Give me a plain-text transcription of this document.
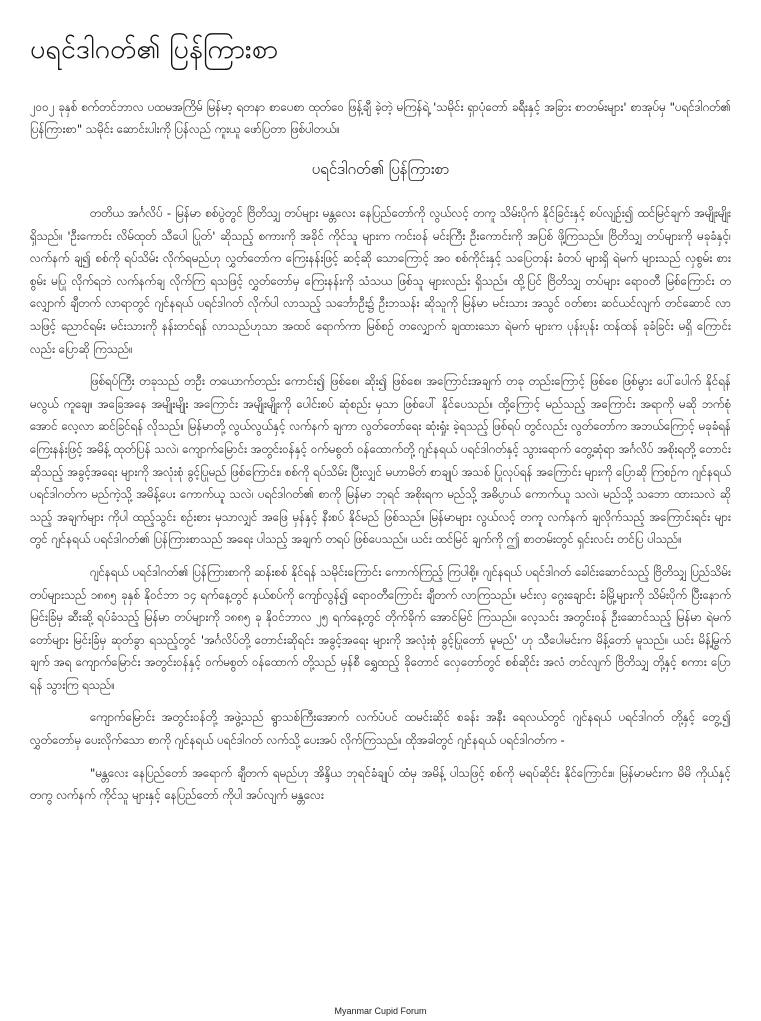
ပရင်ဒါဂတ်၏ ပြန်ကြားစာ

၂၀၀၂ ခုနှစ် စက်တင်ဘာလ ပထမအကြိမ် မြန်မာ့ ရတနာ စာပေစာ ထုတ်ဝေ ဖြန့်ချီ ခဲ့တဲ့ မကြန်ရဲ့ 'သမိုင်း ရှာပုံတော် ခရီးနှင့် အခြား စာတမ်းများ' စာအုပ်မှ "ပရင်ဒါဂတ်၏ ပြန်ကြားစာ" သမိုင်း ဆောင်းပါးကို ပြန်လည် ကူးယူ ဖော်ပြတာ ဖြစ်ပါတယ်။

ပရင်ဒါဂတ်၏ ပြန်ကြားစာ

တတိယ အင်္ဂလိပ် - မြန်မာ စစ်ပွဲတွင် ဗြိတိသျှ တပ်များ မန္တလေး နေပြည်တော်ကို လွယ်လင့် တကူ သိမ်းပိုက် နိုင်ခြင်းနှင့် စပ်လျဉ်း၍ ထင်မြင်ချက် အမျိုးမျိုး ရှိသည်။ 'ဦးကောင်း လိမ်ထုတ် သီပေါ ပြုတ်' ဆိုသည့် စကားကို အခိုင် ကိုင်သူ များက ကင်းဝန် မင်းကြီး ဦးကောင်းကို အပြစ် ဖို့ကြသည်။ ဗြိတိသျှ တပ်များကို မခုခံနှင့်၊ လက်နက် ချ၍ စစ်ကို ရပ်သိမ်း လိုက်ရမည်ဟု လွှတ်တော်က ကြေးနန်းဖြင့် ဆင့်ဆို သောကြောင့် အဝ စစ်ကိုင်းနှင့် သပြေတန်း ခံတပ် များရှိ ရဲမက် များသည် လှစွမ်း စားစွမ်း မပြု လိုက်ရဘဲ လက်နက်ချ လိုက်ကြ ရသဖြင့် လွှတ်တော်မှ ကြေးနန်းကို သံသယ ဖြစ်သူ များလည်း ရှိသည်။ ထို့ပြင် ဗြိတိသျှ တပ်များ ရောဝတီ မြစ်ကြောင်း တလျှောက် ချီတက် လာရာတွင် ဂျင်နရယ် ပရင်ဒါဂတ် လိုက်ပါ လာသည့် သင်္ဘောဦး၌ ဦးဘသန်း ဆိုသူကို မြန်မာ မင်းသား အသွင် ဝတ်စား ဆင်ယင်လျက် တင်ဆောင် လာသဖြင့် ညောင်ရမ်း မင်းသားကို နန်းတင်ရန် လာသည်ဟုသာ အထင် ရောက်ကာ မြစ်စဉ် တလျှောက် ချထားသော ရဲမက် များက ပုန်းပုန်း ထန်ထန် ခုခံခြင်း မရှိ ကြောင်းလည်း ပြောဆို ကြသည်။

ဖြစ်ရပ်ကြီး တခုသည် တဦး တယောက်တည်း ကောင်း၍ ဖြစ်စေ၊ ဆိုး၍ ဖြစ်စေ၊ အကြောင်းအချက် တခု တည်းကြောင့် ဖြစ်စေ ဖြစ်မွား ပေါ်ပေါက် နိုင်ရန် မလွယ် ကူချေ။ အခြေအနေ အမျိုးမျိုး အကြောင်း အမျိုးမျိုးကို ပေါင်းစပ် ဆုံစည်း မှသာ ဖြစ်ပေါ် နိုင်ပေသည်။ ထို့ကြောင့် မည်သည့် အကြောင်း အရာကို မဆို ဘက်စုံအောင် လေ့လာ ဆင်ခြင်ရန် လိုသည်။ မြန်မာတို့ လွယ်လွယ်နှင့် လက်နက် ချကာ လွတ်တော်ရေး ဆုံးရှုံး ခဲ့ရသည့် ဖြစ်ရပ် တွင်လည်း လွတ်တော်က အဘယ်ကြောင့် မခုခံရန် ကြေးနန်းဖြင့် အမိန့် ထုတ်ပြန် သလဲ၊ ကျောက်မြောင်း အတွင်းဝန်နှင့် ဝက်မစွတ် ဝန်ထောက်တို့ ဂျင်နရယ် ပရင်ဒါဂတ်နှင့် သွားရောက် တွေ့ဆုံရာ အင်္ဂလိပ် အစိုးရတို့ တောင်းဆိုသည့် အခွင့်အရေး များကို အလုံးစုံ ခွင့်ပြုမည် ဖြစ်ကြောင်း၊ စစ်ကို ရပ်သိမ်း ပြီးလျှင် မဟာမိတ် စာချုပ် အသစ် ပြုလုပ်ရန် အကြောင်း များကို ပြောဆို ကြစဉ်က ဂျင်နရယ် ပရင်ဒါဂတ်က မည်ကဲ့သို့ အမိန့်ပေး ကောက်ယူ သလဲ၊ ပရင်ဒါဂတ်၏ စာကို မြန်မာ ဘုရင် အစိုးရက မည်သို့ အဓိပ္ပာယ် ကောက်ယူ သလဲ၊ မည်သို့ သဘော ထားသလဲ ဆိုသည့် အချက်များ ကိုပါ ထည့်သွင်း စဉ်းစား မှသာလျှင် အဖြေ မှန်နှင့် နီးစပ် နိုင်မည် ဖြစ်သည်။ မြန်မာများ လွယ်လင့် တကူ လက်နက် ချလိုက်သည့် အကြောင်းရင်း များတွင် ဂျင်နရယ် ပရင်ဒါဂတ်၏ ပြန်ကြားစာသည် အရေး ပါသည့် အချက် တရပ် ဖြစ်ပေသည်။ ယင်း ထင်မြင် ချက်ကို ဤ စာတမ်းတွင် ရှင်းလင်း တင်ပြ ပါသည်။

ဂျင်နရယ် ပရင်ဒါဂတ်၏ ပြန်ကြားစာကို ဆန်းစစ် နိုင်ရန် သမိုင်းကြောင်း ကောက်ကြည့် ကြပါစို့။ ဂျင်နရယ် ပရင်ဒါဂတ် ခေါင်းဆောင်သည့် ဗြိတိသျှ ပြည်သိမ်း တပ်များသည် ၁၈၈၅ ခုနှစ် နိုဝင်ဘာ ၁၄ ရက်နေ့တွင် နယ်စပ်ကို ကျော်လွန်၍ ရောဝတီကြောင်း ချီတက် လာကြသည်။ မင်းလှ ဂွေးချောင်း ခံမြို့များကို သိမ်းပိုက် ပြီးနောက် မြင်းခြံမှ ဆီးဆို့ ရပ်ခံသည့် မြန်မာ တပ်များကို ၁၈၈၅ ခု နိုဝင်ဘာလ ၂၅ ရက်နေ့တွင် တိုက်ခိုက် အောင်မြင် ကြသည်။ လေ့သင်း အတွင်းဝန် ဦးဆောင်သည့် မြန်မာ ရဲမက်တော်များ မြင်းခြံမှ ဆုတ်ခွာ ရသည့်တွင် 'အင်္ဂလိပ်တို့ တောင်းဆိုရင်း အခွင့်အရေး များကို အလုံးစုံ ခွင့်ပြုတော် မူမည်' ဟု သီပေါမင်းက မိန့်တော် မူသည်။ ယင်း မိန့်မြွက်ချက် အရ ကျောက်မြောင်း အတွင်းဝန်နှင့် ဝက်မစွတ် ဝန်ထောက် တို့သည် မှန်စီ ရွှေထည့် ခိုတောင် လှေတော်တွင် စစ်ဆိုင်း အလံ တင်လျက် ဗြိတိသျှ တို့နှင့် စကား ပြောရန် သွားကြ ရသည်။

ကျောက်မြောင်း အတွင်းဝန်တို့ အဖွဲ့သည် ရွာသစ်ကြီးအောက် လက်ပံပင် ထမင်းဆိုင် စခန်း အနီး ရေလယ်တွင် ဂျင်နရယ် ပရင်ဒါဂတ် တို့နှင့် တွေ့၍ လွှတ်တော်မှ ပေးလိုက်သော စာကို ဂျင်နရယ် ပရင်ဒါဂတ် လက်သို့ ပေးအပ် လိုက်ကြသည်။ ထိုအခါတွင် ဂျင်နရယ် ပရင်ဒါဂတ်က -

"မန္တလေး နေပြည်တော် အရောက် ချီတက် ရမည်ဟု အိန္ဒိယ ဘုရင်ခံချုပ် ထံမှ အမိန့် ပါသဖြင့် စစ်ကို မရပ်ဆိုင်း နိုင်ကြောင်း။ မြန်မာမင်းက မိမိ ကိုယ်နှင့် တကွ လက်နက် ကိုင်သူ များနှင့် နေပြည်တော် ကိုပါ အပ်လျက် မန္တလေး

Myanmar Cupid Forum
